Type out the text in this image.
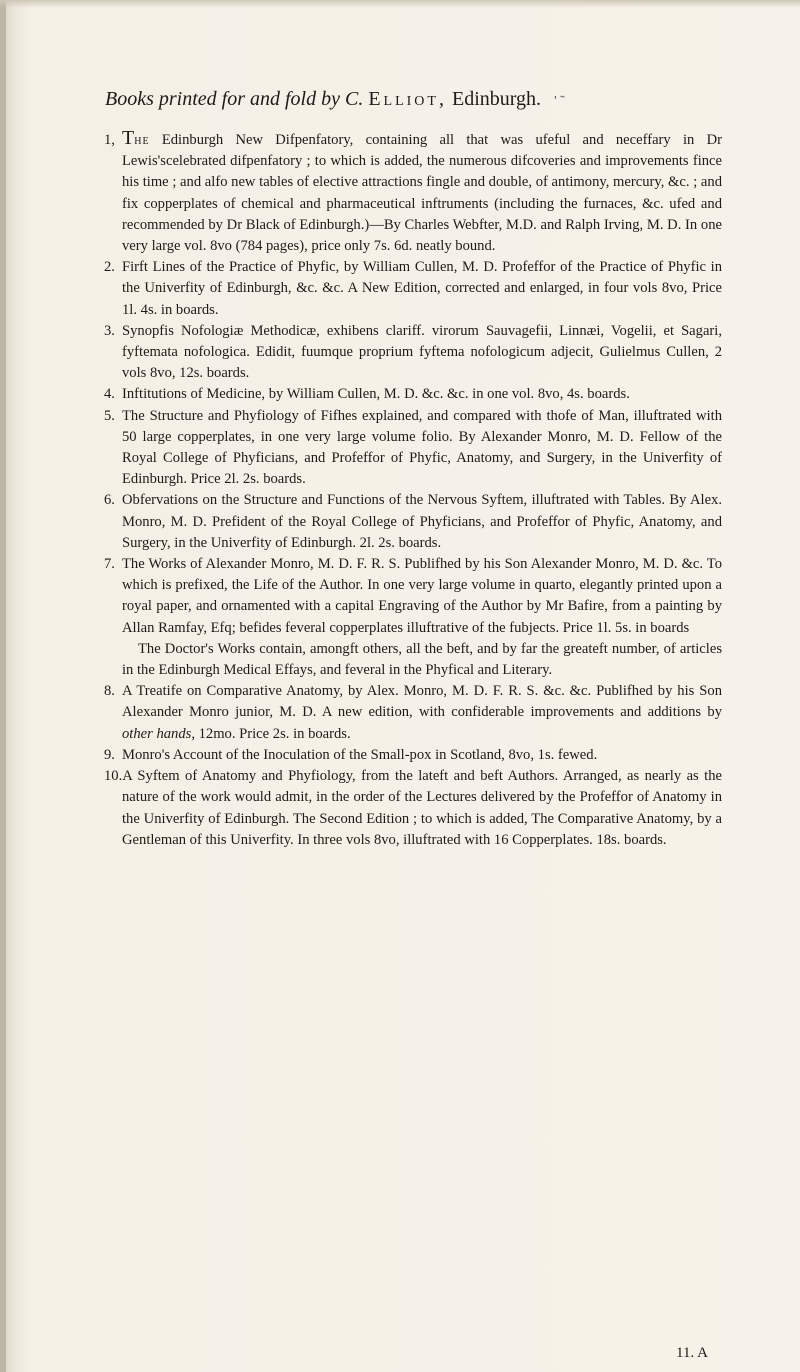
Books printed for and fold by C. Elliot, Edinburgh. ' ˜

1, The Edinburgh New Difpenfatory, containing all that was ufeful and neceffary in Dr Lewis'scelebrated difpenfatory ; to which is added, the numerous difcoveries and improvements fince his time ; and alfo new tables of elective attractions fingle and double, of antimony, mercury, &c. ; and fix copperplates of chemical and pharmaceutical inftruments (including the furnaces, &c. ufed and recommended by Dr Black of Edinburgh.)—By Charles Webfter, M.D. and Ralph Irving, M. D. In one very large vol. 8vo (784 pages), price only 7s. 6d. neatly bound.

2. Firft Lines of the Practice of Phyfic, by William Cullen, M. D. Profeffor of the Practice of Phyfic in the Univerfity of Edinburgh, &c. &c. A New Edition, corrected and enlarged, in four vols 8vo, Price 1l. 4s. in boards.

3. Synopfis Nofologiæ Methodicæ, exhibens clariff. virorum Sauvagefii, Linnæi, Vogelii, et Sagari, fyftemata nofologica. Edidit, fuumque proprium fyftema nofologicum adjecit, Gulielmus Cullen, 2 vols 8vo, 12s. boards.

4. Inftitutions of Medicine, by William Cullen, M. D. &c. &c. in one vol. 8vo, 4s. boards.

5. The Structure and Phyfiology of Fifhes explained, and compared with thofe of Man, illuftrated with 50 large copperplates, in one very large volume folio. By Alexander Monro, M. D. Fellow of the Royal College of Phyficians, and Profeffor of Phyfic, Anatomy, and Surgery, in the Univerfity of Edinburgh. Price 2l. 2s. boards.

6. Obfervations on the Structure and Functions of the Nervous Syftem, illuftrated with Tables. By Alex. Monro, M. D. Prefident of the Royal College of Phyficians, and Profeffor of Phyfic, Anatomy, and Surgery, in the Univerfity of Edinburgh. 2l. 2s. boards.

7. The Works of Alexander Monro, M. D. F. R. S. Publifhed by his Son Alexander Monro, M. D. &c. To which is prefixed, the Life of the Author. In one very large volume in quarto, elegantly printed upon a royal paper, and ornamented with a capital Engraving of the Author by Mr Bafire, from a painting by Allan Ramfay, Efq; befides feveral copperplates illuftrative of the fubjects. Price 1l. 5s. in boards

The Doctor's Works contain, amongft others, all the beft, and by far the greateft number, of articles in the Edinburgh Medical Effays, and feveral in the Phyfical and Literary.

8. A Treatife on Comparative Anatomy, by Alex. Monro, M. D. F. R. S. &c. &c. Publifhed by his Son Alexander Monro junior, M. D. A new edition, with confiderable improvements and additions by other hands, 12mo. Price 2s. in boards.

9. Monro's Account of the Inoculation of the Small-pox in Scotland, 8vo, 1s. fewed.

10.A Syftem of Anatomy and Phyfiology, from the lateft and beft Authors. Arranged, as nearly as the nature of the work would admit, in the order of the Lectures delivered by the Profeffor of Anatomy in the Univerfity of Edinburgh. The Second Edition ; to which is added, The Comparative Anatomy, by a Gentleman of this Univerfity. In three vols 8vo, illuftrated with 16 Copperplates. 18s. boards.

11. A
